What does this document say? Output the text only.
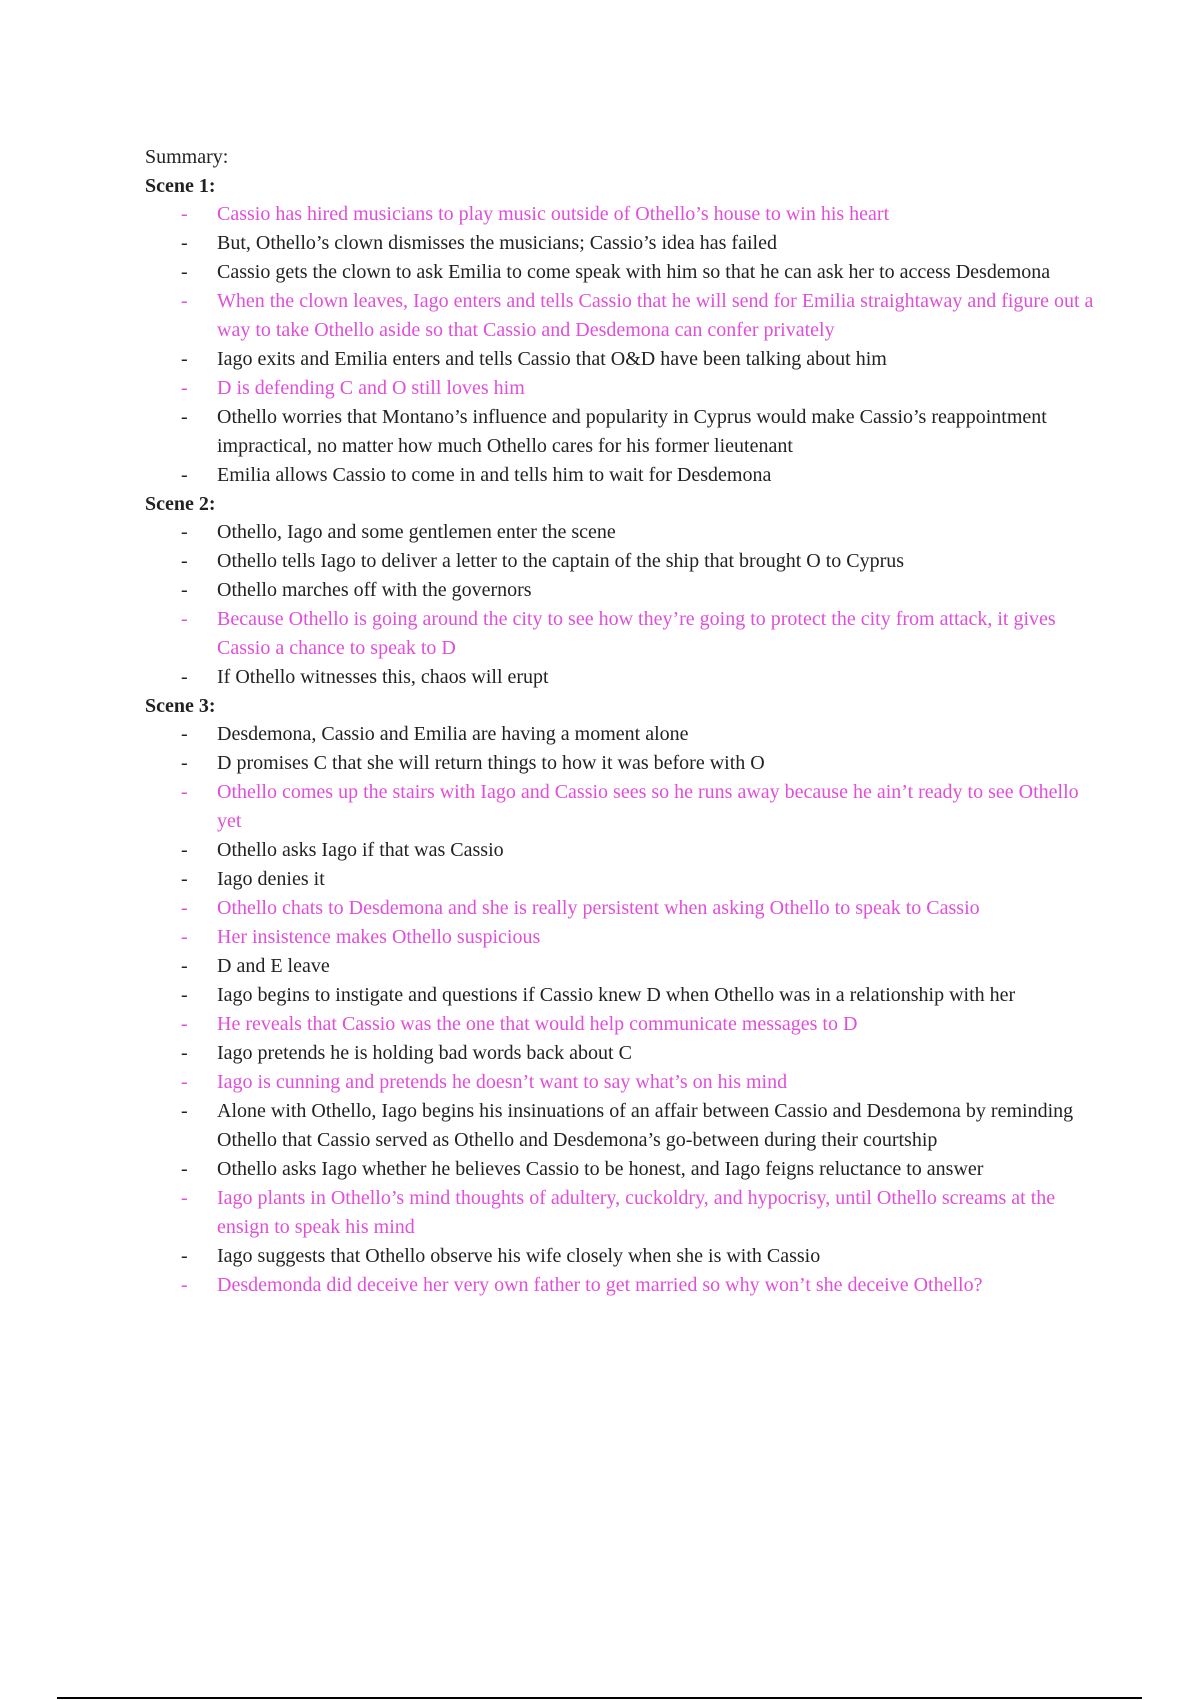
Summary:
Scene 1:
- Cassio has hired musicians to play music outside of Othello’s house to win his heart
- But, Othello’s clown dismisses the musicians; Cassio’s idea has failed
- Cassio gets the clown to ask Emilia to come speak with him so that he can ask her to access Desdemona
- When the clown leaves, Iago enters and tells Cassio that he will send for Emilia straightaway and figure out a way to take Othello aside so that Cassio and Desdemona can confer privately
- Iago exits and Emilia enters and tells Cassio that O&D have been talking about him
- D is defending C and O still loves him
- Othello worries that Montano’s influence and popularity in Cyprus would make Cassio’s reappointment impractical, no matter how much Othello cares for his former lieutenant
- Emilia allows Cassio to come in and tells him to wait for Desdemona
Scene 2:
- Othello, Iago and some gentlemen enter the scene
- Othello tells Iago to deliver a letter to the captain of the ship that brought O to Cyprus
- Othello marches off with the governors
- Because Othello is going around the city to see how they’re going to protect the city from attack, it gives Cassio a chance to speak to D
- If Othello witnesses this, chaos will erupt
Scene 3:
- Desdemona, Cassio and Emilia are having a moment alone
- D promises C that she will return things to how it was before with O
- Othello comes up the stairs with Iago and Cassio sees so he runs away because he ain’t ready to see Othello yet
- Othello asks Iago if that was Cassio
- Iago denies it
- Othello chats to Desdemona and she is really persistent when asking Othello to speak to Cassio
- Her insistence makes Othello suspicious
- D and E leave
- Iago begins to instigate and questions if Cassio knew D when Othello was in a relationship with her
- He reveals that Cassio was the one that would help communicate messages to D
- Iago pretends he is holding bad words back about C
- Iago is cunning and pretends he doesn’t want to say what’s on his mind
- Alone with Othello, Iago begins his insinuations of an affair between Cassio and Desdemona by reminding Othello that Cassio served as Othello and Desdemona’s go-between during their courtship
- Othello asks Iago whether he believes Cassio to be honest, and Iago feigns reluctance to answer
- Iago plants in Othello’s mind thoughts of adultery, cuckoldry, and hypocrisy, until Othello screams at the ensign to speak his mind
- Iago suggests that Othello observe his wife closely when she is with Cassio
- Desdemonda did deceive her very own father to get married so why won’t she deceive Othello?
